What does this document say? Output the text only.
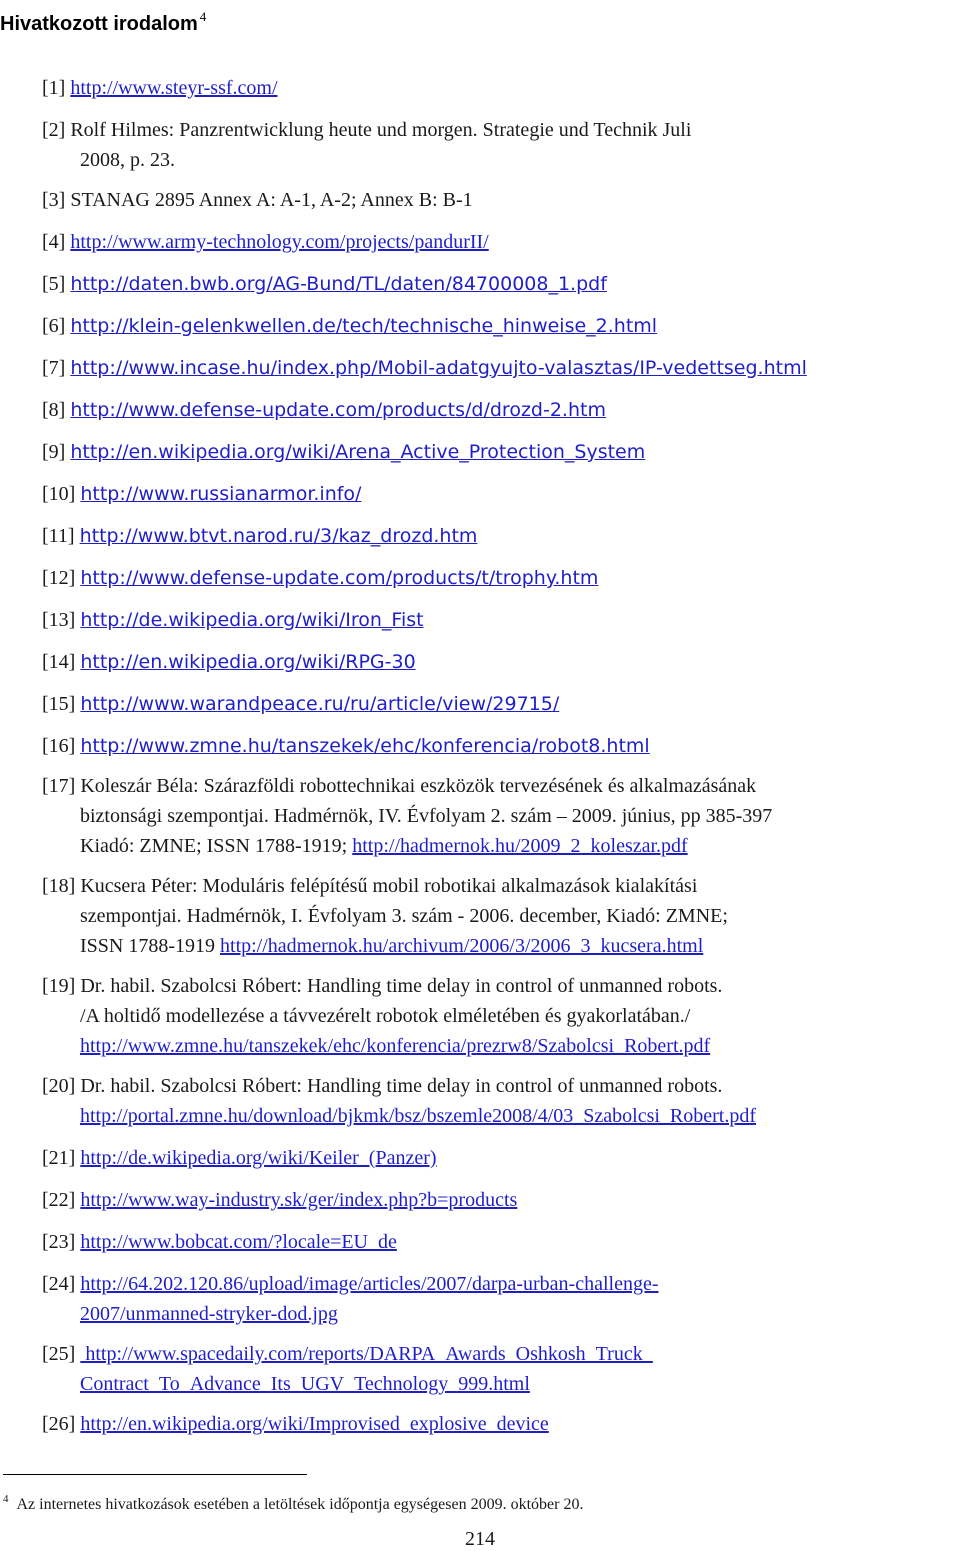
Hivatkozott irodalom $^4$
[1] http://www.steyr-ssf.com/
[2] Rolf Hilmes: Panzrentwicklung heute und morgen. Strategie und Technik Juli
2008, p. 23.
[3] STANAG 2895 Annex A: A-1, A-2; Annex B: B-1
[4] http://www.army-technology.com/projects/pandurII/
[5] http://daten.bwb.org/AG-Bund/TL/daten/84700008_1.pdf
[6] http://klein-gelenkwellen.de/tech/technische_hinweise_2.html
[7] http://www.incase.hu/index.php/Mobil-adatgyujto-valasztas/IP-vedettseg.html
[8] http://www.defense-update.com/products/d/drozd-2.htm
[9] http://en.wikipedia.org/wiki/Arena_Active_Protection_System
[10] http://www.russianarmor.info/
[11] http://www.btvt.narod.ru/3/kaz_drozd.htm
[12] http://www.defense-update.com/products/t/trophy.htm
[13] http://de.wikipedia.org/wiki/Iron_Fist
[14] http://en.wikipedia.org/wiki/RPG-30
[15] http://www.warandpeace.ru/ru/article/view/29715/
[16] http://www.zmne.hu/tanszekek/ehc/konferencia/robot8.html
[17] Koleszár Béla: Szárazföldi robottechnikai eszközök tervezésének és alkalmazásának
biztonsági szempontjai. Hadmérnök, IV. Évfolyam 2. szám – 2009. június, pp 385-397
Kiadó: ZMNE; ISSN 1788-1919; http://hadmernok.hu/2009_2_koleszar.pdf
[18] Kucsera Péter: Moduláris felépítésű mobil robotikai alkalmazások kialakítási
szempontjai. Hadmérnök, I. Évfolyam 3. szám - 2006. december, Kiadó: ZMNE;
ISSN 1788-1919 http://hadmernok.hu/archivum/2006/3/2006_3_kucsera.html
[19] Dr. habil. Szabolcsi Róbert: Handling time delay in control of unmanned robots.
/A holtidő modellezése a távvezérelt robotok elméletében és gyakorlatában./
http://www.zmne.hu/tanszekek/ehc/konferencia/prezrw8/Szabolcsi_Robert.pdf
[20] Dr. habil. Szabolcsi Róbert: Handling time delay in control of unmanned robots.
http://portal.zmne.hu/download/bjkmk/bsz/bszemle2008/4/03_Szabolcsi_Robert.pdf
[21] http://de.wikipedia.org/wiki/Keiler_(Panzer)
[22] http://www.way-industry.sk/ger/index.php?b=products
[23] http://www.bobcat.com/?locale=EU_de
[24] http://64.202.120.86/upload/image/articles/2007/darpa-urban-challenge-
2007/unmanned-stryker-dod.jpg
[25] http://www.spacedaily.com/reports/DARPA_Awards_Oshkosh_Truck_
Contract_To_Advance_Its_UGV_Technology_999.html
[26] http://en.wikipedia.org/wiki/Improvised_explosive_device
$^4$ Az internetes hivatkozások esetében a letöltések időpontja egységesen 2009. október 20.
214
